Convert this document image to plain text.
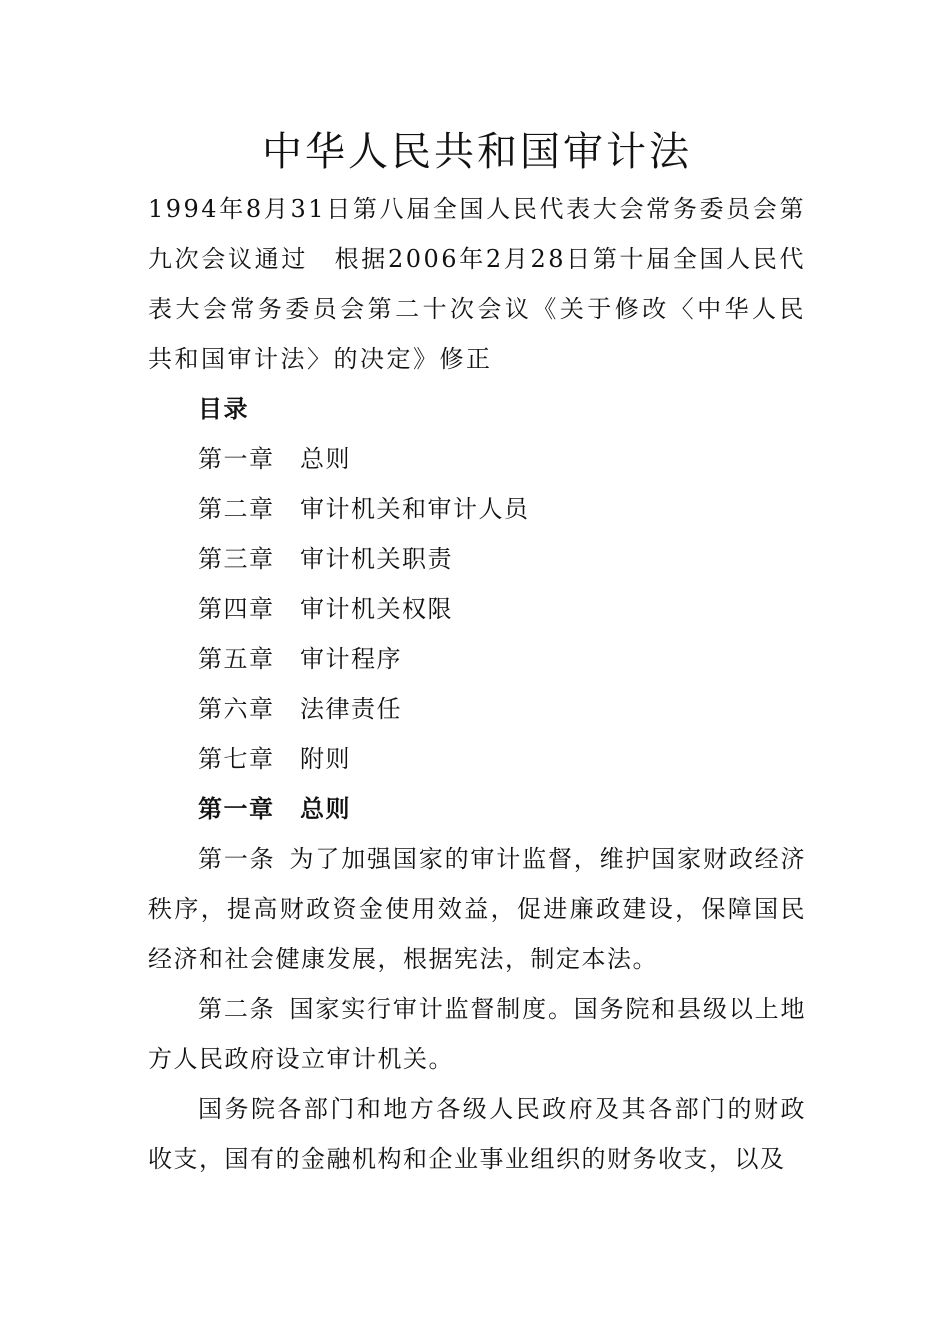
中华人民共和国审计法

1994年8月31日第八届全国人民代表大会常务委员会第九次会议通过　根据2006年2月28日第十届全国人民代表大会常务委员会第二十次会议《关于修改〈中华人民共和国审计法〉的决定》修正

目录
第一章 总则
第二章 审计机关和审计人员
第三章 审计机关职责
第四章 审计机关权限
第五章 审计程序
第六章 法律责任
第七章 附则
第一章 总则

第一条 为了加强国家的审计监督，维护国家财政经济秩序，提高财政资金使用效益，促进廉政建设，保障国民经济和社会健康发展，根据宪法，制定本法。

第二条 国家实行审计监督制度。国务院和县级以上地方人民政府设立审计机关。

国务院各部门和地方各级人民政府及其各部门的财政收支，国有的金融机构和企业事业组织的财务收支，以及
